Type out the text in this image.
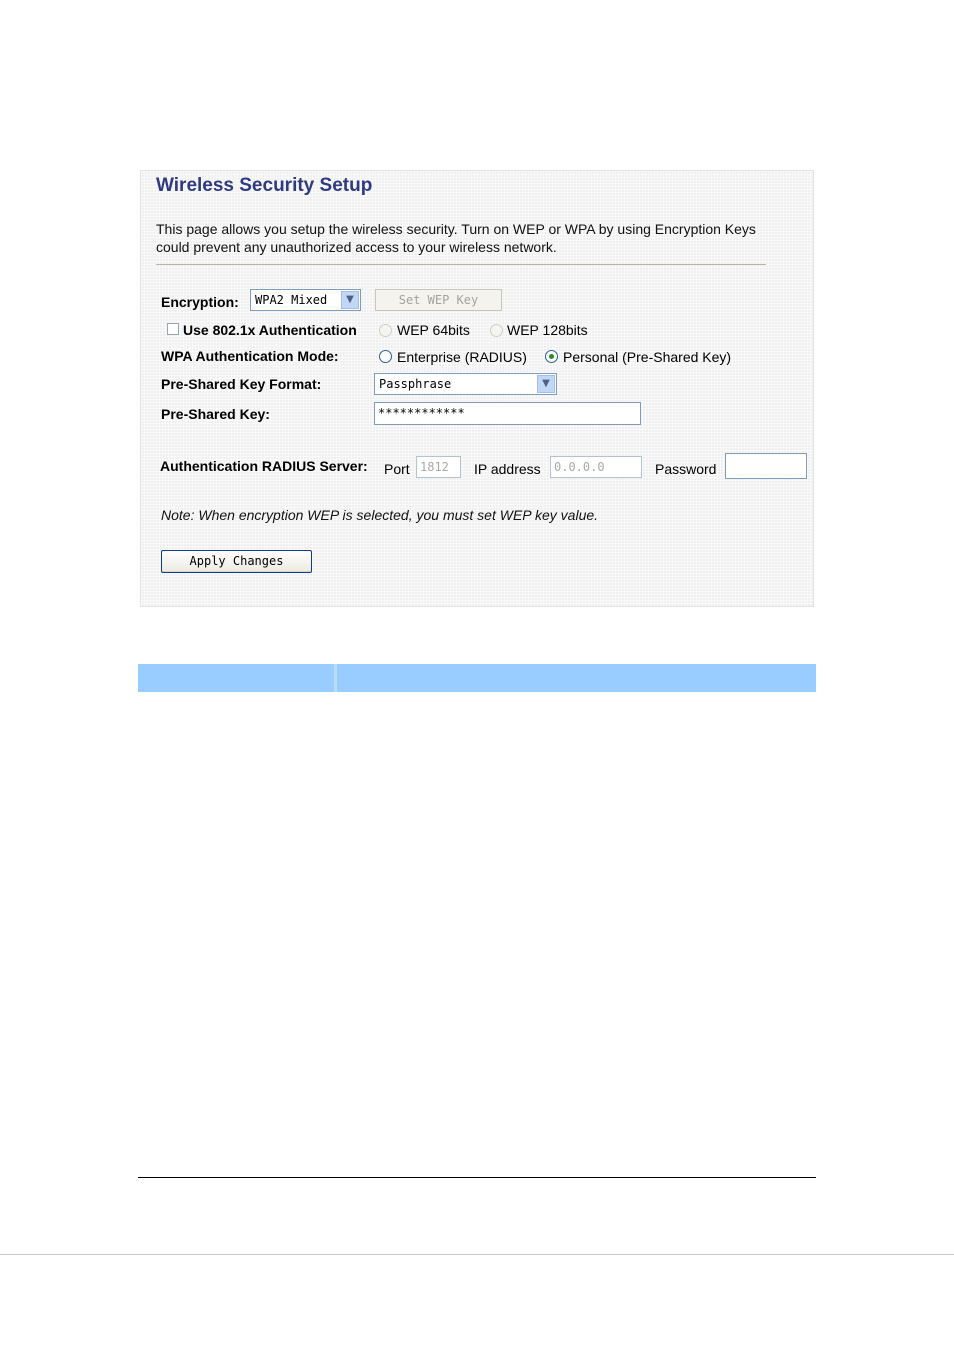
Wireless Security Setup
This page allows you setup the wireless security. Turn on WEP or WPA by using Encryption Keys could prevent any unauthorized access to your wireless network.
Encryption:	WPA2 Mixed	▼	Set WEP Key
Use 802.1x Authentication	WEP 64bits	WEP 128bits
WPA Authentication Mode:	Enterprise (RADIUS)	Personal (Pre-Shared Key)
Pre-Shared Key Format:	Passphrase	▼
Pre-Shared Key:	************
Authentication RADIUS Server: Port 1812	IP address	0.0.0.0	Password
Note: When encryption WEP is selected, you must set WEP key value.
Apply Changes
